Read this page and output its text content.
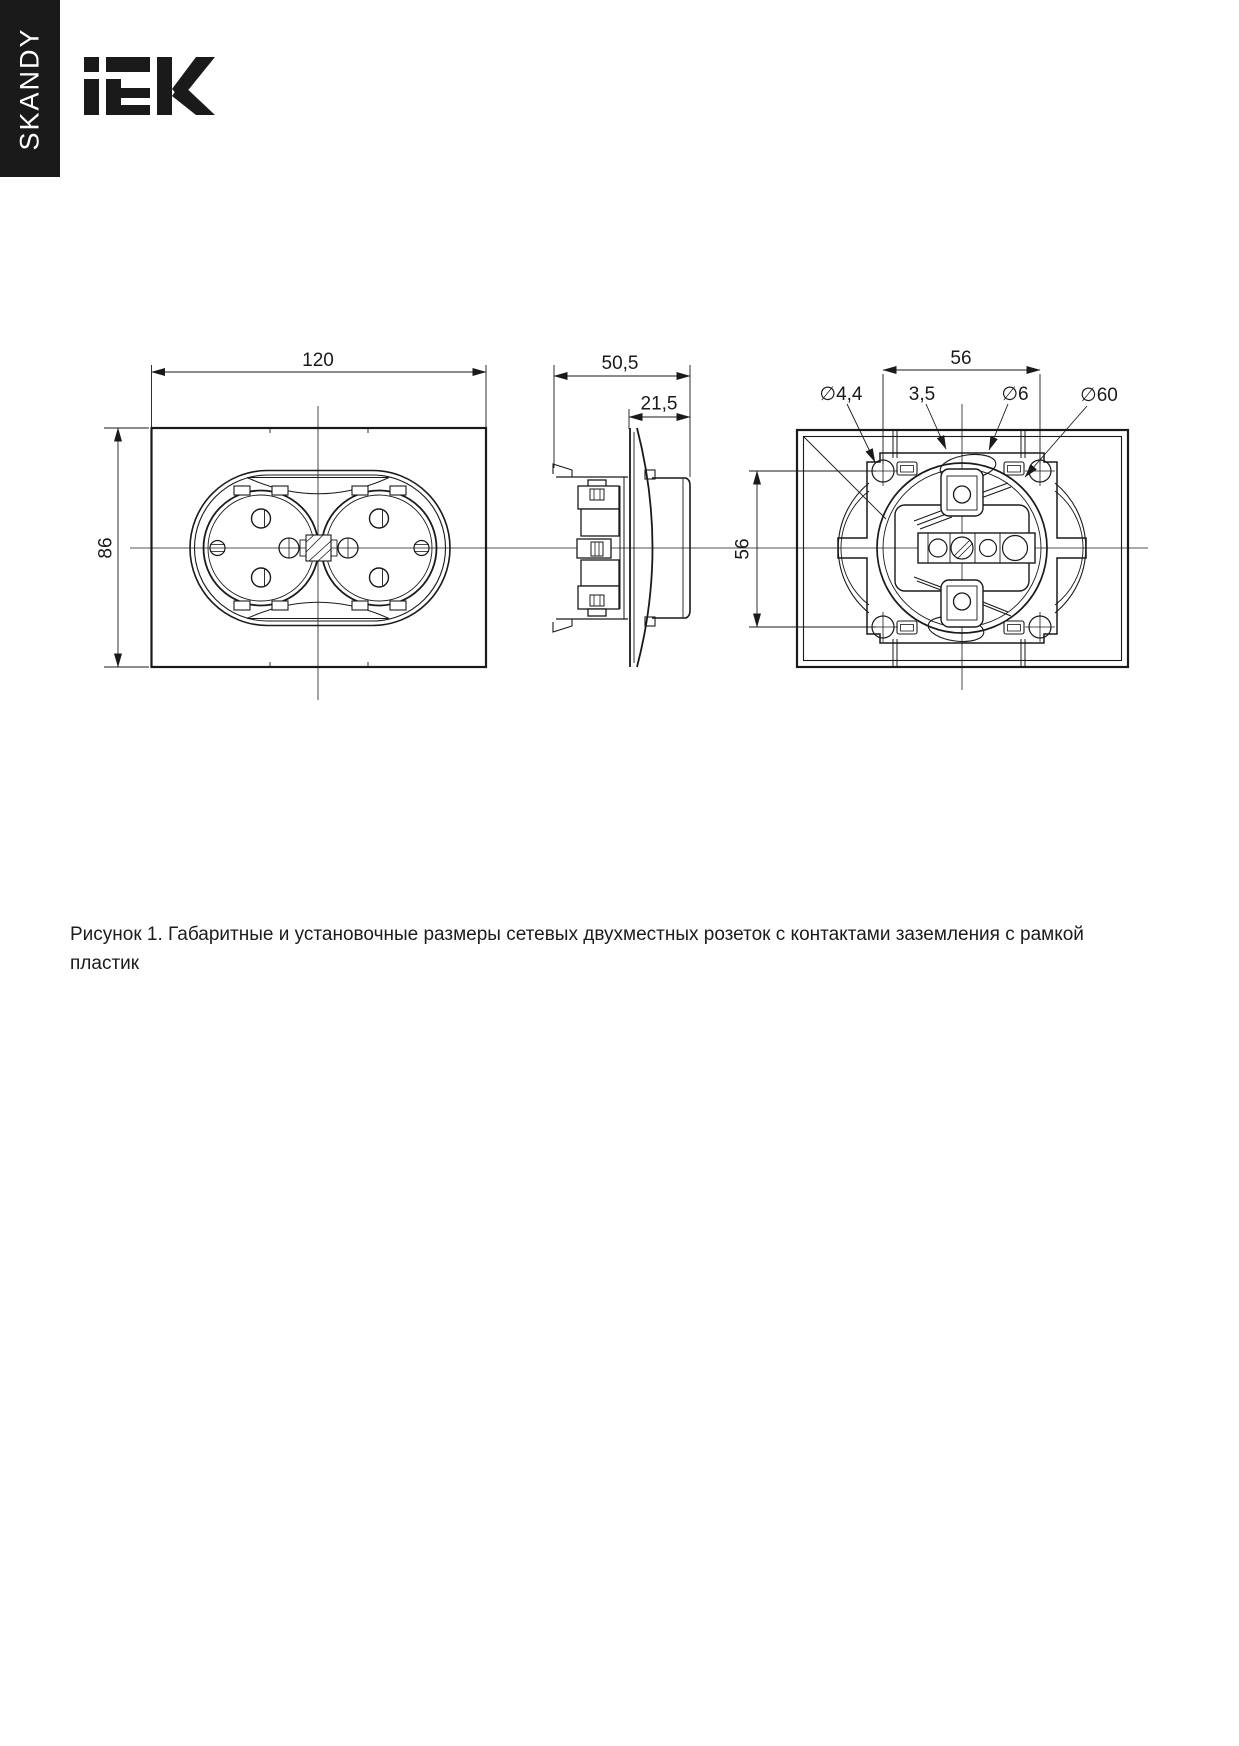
SKANDY
120
86
50,5
21,5
56
56
∅4,4 3,5	∅6	∅60
Рисунок 1. Габаритные и установочные размеры сетевых двухместных розеток с контактами заземления с рамкой пластик
